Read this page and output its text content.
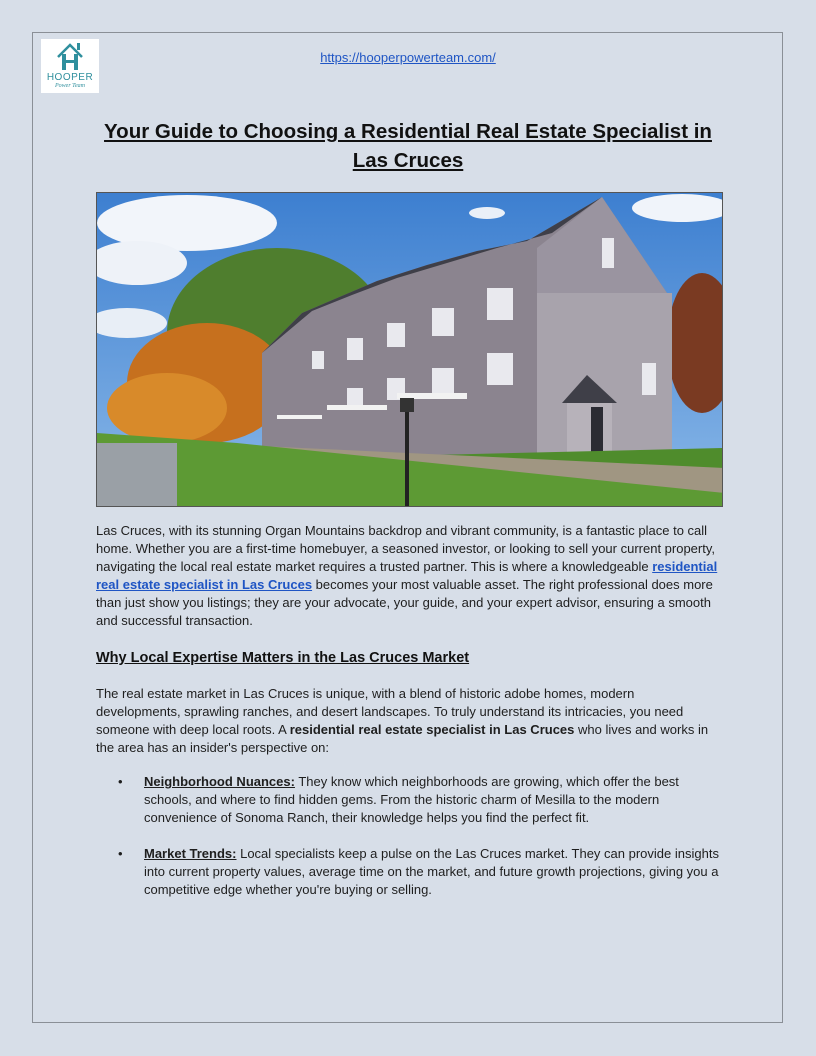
HOOPER
Power Team
https://hooperpowerteam.com/
Your Guide to Choosing a Residential Real Estate Specialist in Las Cruces

Las Cruces, with its stunning Organ Mountains backdrop and vibrant community, is a fantastic place to call home. Whether you are a first-time homebuyer, a seasoned investor, or looking to sell your current property, navigating the local real estate market requires a trusted partner. This is where a knowledgeable residential real estate specialist in Las Cruces becomes your most valuable asset. The right professional does more than just show you listings; they are your advocate, your guide, and your expert advisor, ensuring a smooth and successful transaction.

Why Local Expertise Matters in the Las Cruces Market

The real estate market in Las Cruces is unique, with a blend of historic adobe homes, modern developments, sprawling ranches, and desert landscapes. To truly understand its intricacies, you need someone with deep local roots. A residential real estate specialist in Las Cruces who lives and works in the area has an insider's perspective on:

• Neighborhood Nuances: They know which neighborhoods are growing, which offer the best schools, and where to find hidden gems. From the historic charm of Mesilla to the modern convenience of Sonoma Ranch, their knowledge helps you find the perfect fit.
• Market Trends: Local specialists keep a pulse on the Las Cruces market. They can provide insights into current property values, average time on the market, and future growth projections, giving you a competitive edge whether you're buying or selling.
